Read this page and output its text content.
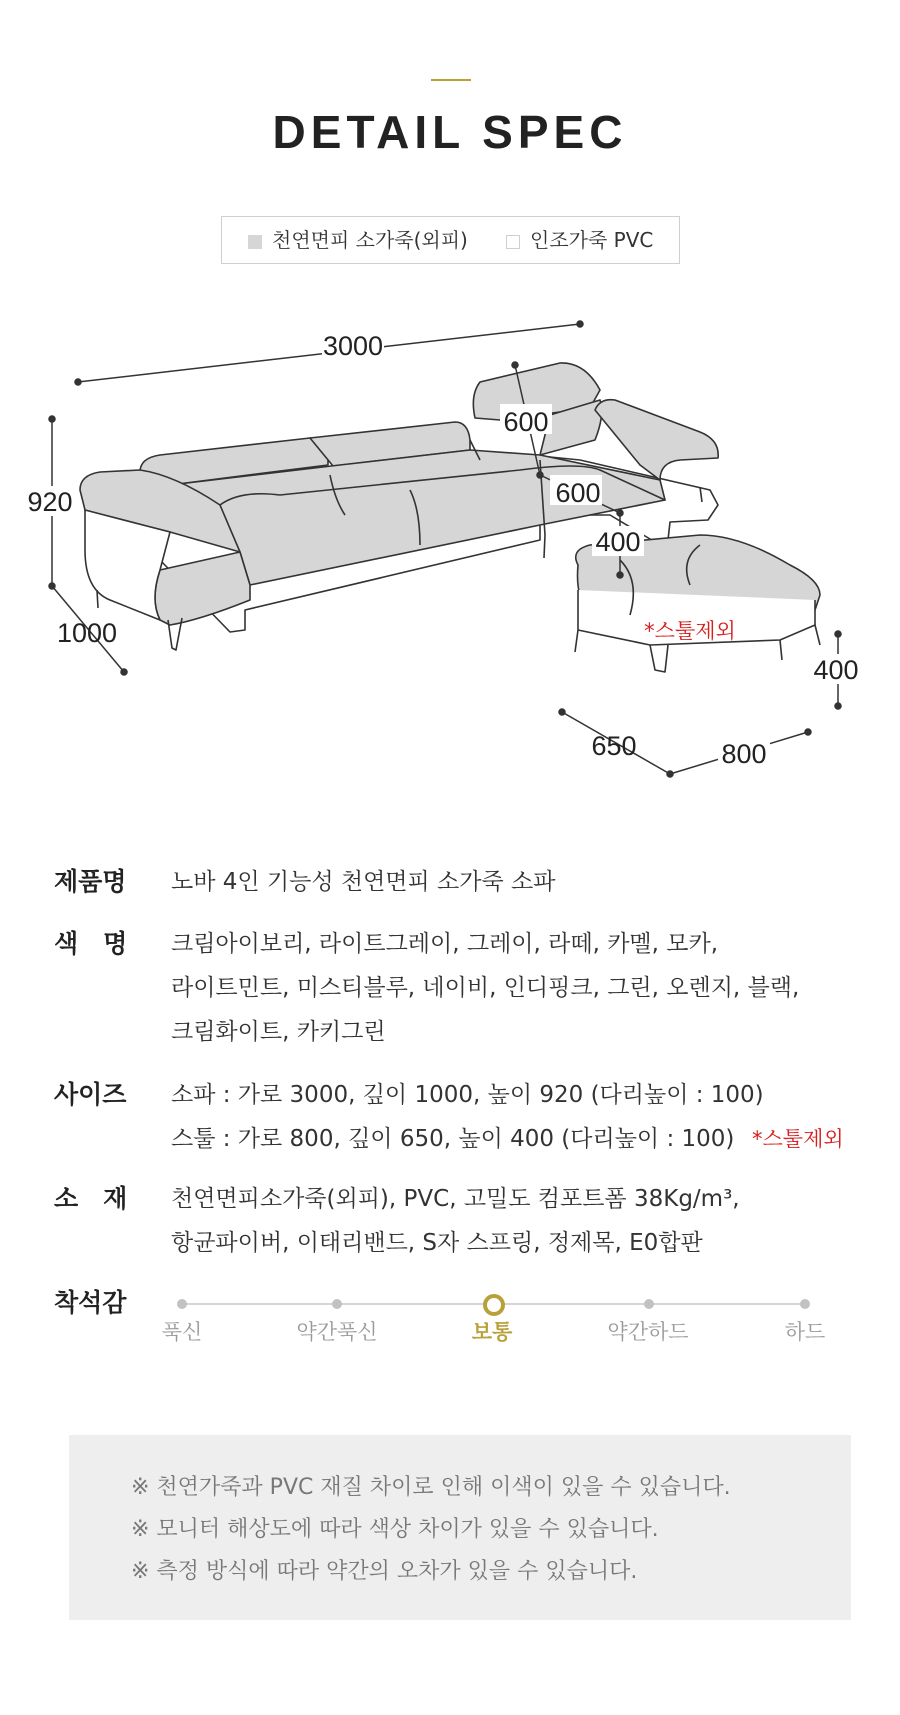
DETAIL SPEC
천연면피 소가죽(외피)	인조가죽 PVC
3000
920
1000
600
600
400
*스툴제외
400
650	800
제품명	노바 4인 기능성 천연면피 소가죽 소파
색　명	크림아이보리, 라이트그레이, 그레이, 라떼, 카멜, 모카,
라이트민트, 미스티블루, 네이비, 인디핑크, 그린, 오렌지, 블랙,
크림화이트, 카키그린
사이즈	소파 : 가로 3000, 깊이 1000, 높이 920 (다리높이 : 100)
스툴 : 가로 800, 깊이 650, 높이 400 (다리높이 : 100) *스툴제외
소　재	천연면피소가죽(외피), PVC, 고밀도 컴포트폼 38Kg/m³,
항균파이버, 이태리밴드, S자 스프링, 정제목, E0합판
착석감
푹신	약간푹신	보통	약간하드	하드

※ 천연가죽과 PVC 재질 차이로 인해 이색이 있을 수 있습니다.

※ 모니터 해상도에 따라 색상 차이가 있을 수 있습니다.

※ 측정 방식에 따라 약간의 오차가 있을 수 있습니다.
